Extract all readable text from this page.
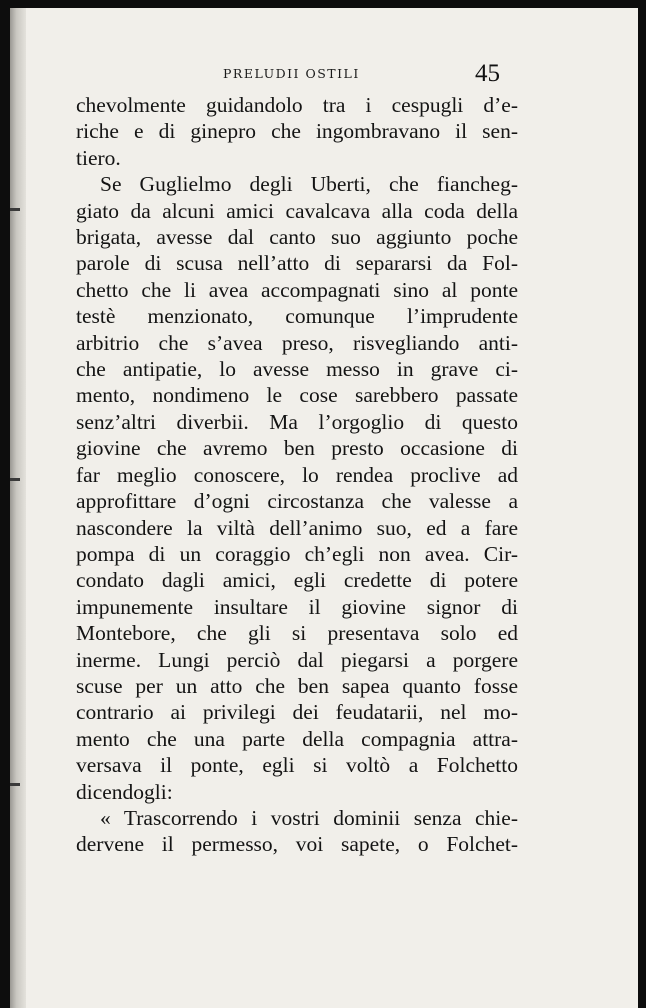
PRELUDII OSTILI	45
chevolmente guidandolo tra i cespugli d’e-
riche e di ginepro che ingombravano il sen-
tiero.
Se Guglielmo degli Uberti, che fiancheg-
giato da alcuni amici cavalcava alla coda della
brigata, avesse dal canto suo aggiunto poche
parole di scusa nell’atto di separarsi da Fol-
chetto che li avea accompagnati sino al ponte
testè menzionato, comunque l’imprudente
arbitrio che s’avea preso, risvegliando anti-
che antipatie, lo avesse messo in grave ci-
mento, nondimeno le cose sarebbero passate
senz’altri diverbii. Ma l’orgoglio di questo
giovine che avremo ben presto occasione di
far meglio conoscere, lo rendea proclive ad
approfittare d’ogni circostanza che valesse a
nascondere la viltà dell’animo suo, ed a fare
pompa di un coraggio ch’egli non avea. Cir-
condato dagli amici, egli credette di potere
impunemente insultare il giovine signor di
Montebore, che gli si presentava solo ed
inerme. Lungi perciò dal piegarsi a porgere
scuse per un atto che ben sapea quanto fosse
contrario ai privilegi dei feudatarii, nel mo-
mento che una parte della compagnia attra-
versava il ponte, egli si voltò a Folchetto
dicendogli:
« Trascorrendo i vostri dominii senza chie-
dervene il permesso, voi sapete, o Folchet-
